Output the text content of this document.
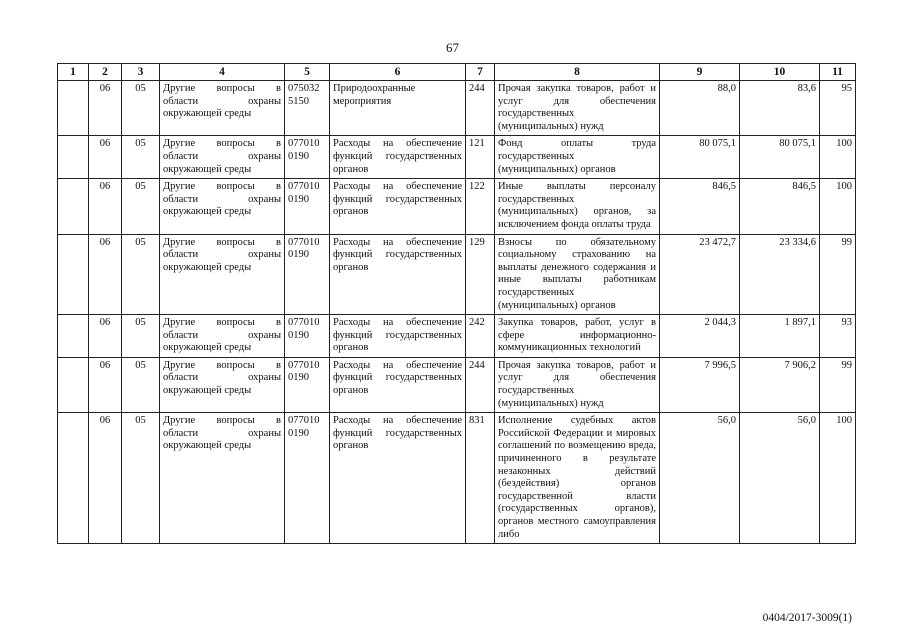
67
1	2	3	4	5	6	7	8	9	10	11
	06	05	Другие вопросы в области охраны окружающей среды	075032 5150	Природоохранные мероприятия	244	Прочая закупка товаров, работ и услуг для обеспечения государственных (муниципальных) нужд	88,0	83,6	95
	06	05	Другие вопросы в области охраны окружающей среды	077010 0190	Расходы на обеспечение функций государственных органов	121	Фонд оплаты труда государственных (муниципальных) органов	80 075,1	80 075,1	100
	06	05	Другие вопросы в области охраны окружающей среды	077010 0190	Расходы на обеспечение функций государственных органов	122	Иные выплаты персоналу государственных (муниципальных) органов, за исключением фонда оплаты труда	846,5	846,5	100
	06	05	Другие вопросы в области охраны окружающей среды	077010 0190	Расходы на обеспечение функций государственных органов	129	Взносы по обязательному социальному страхованию на выплаты денежного содержания и иные выплаты работникам государственных (муниципальных) органов	23 472,7	23 334,6	99
	06	05	Другие вопросы в области охраны окружающей среды	077010 0190	Расходы на обеспечение функций государственных органов	242	Закупка товаров, работ, услуг в сфере информационно-коммуникационных технологий	2 044,3	1 897,1	93
	06	05	Другие вопросы в области охраны окружающей среды	077010 0190	Расходы на обеспечение функций государственных органов	244	Прочая закупка товаров, работ и услуг для обеспечения государственных (муниципальных) нужд	7 996,5	7 906,2	99
	06	05	Другие вопросы в области охраны окружающей среды	077010 0190	Расходы на обеспечение функций государственных органов	831	Исполнение судебных актов Российской Федерации и мировых соглашений по возмещению вреда, причиненного в результате незаконных действий (бездействия) органов государственной власти (государственных органов), органов местного самоуправления либо	56,0	56,0	100
0404/2017-3009(1)
